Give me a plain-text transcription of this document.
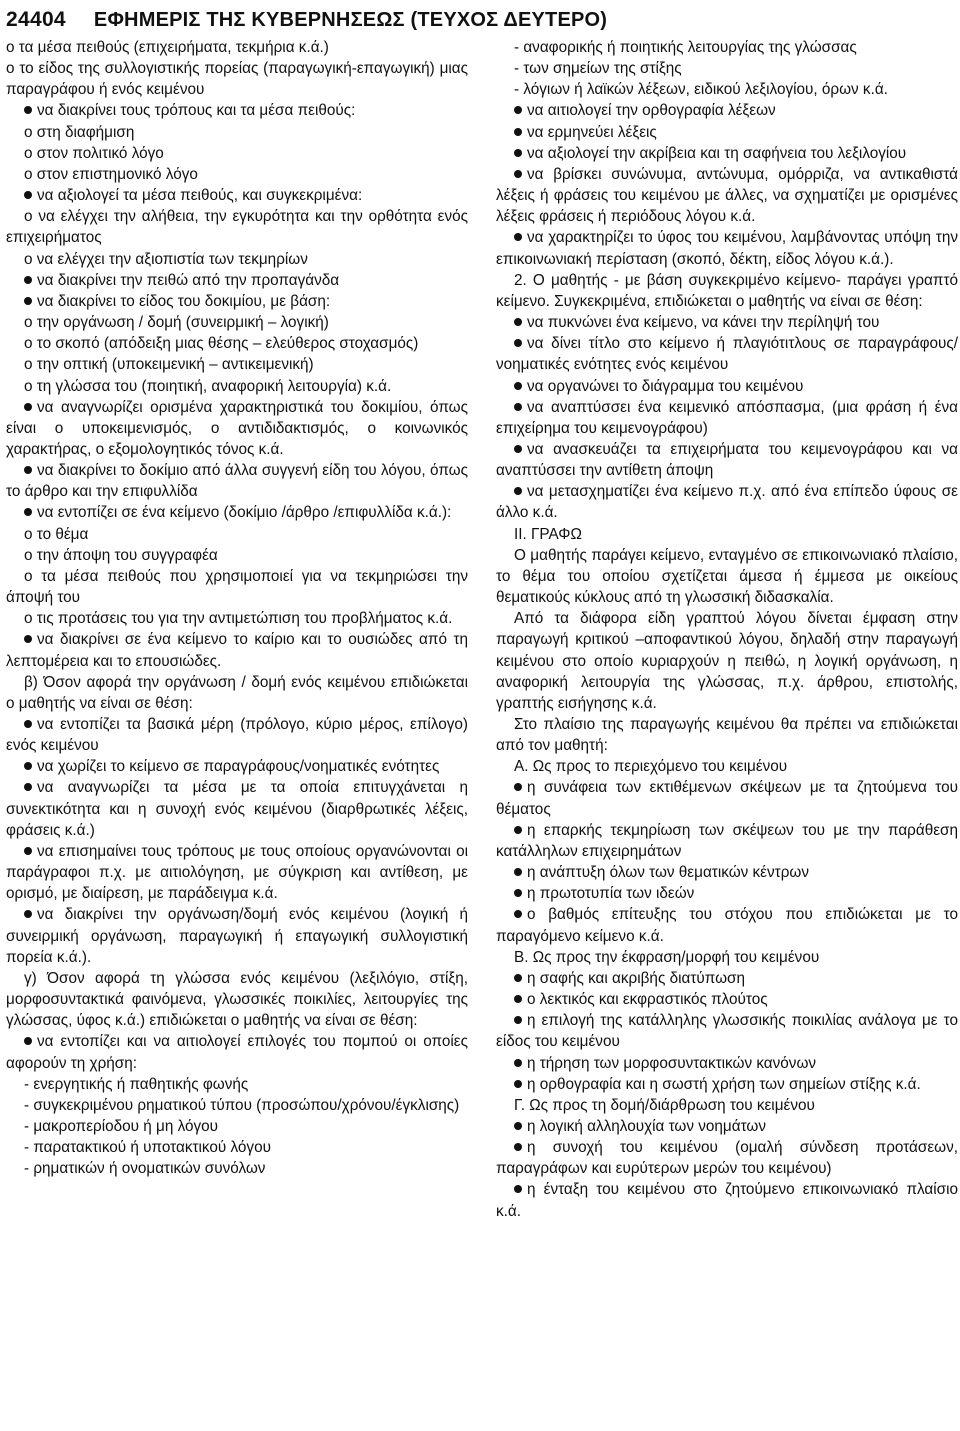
24404 ΕΦΗΜΕΡΙΣ ΤΗΣ ΚΥΒΕΡΝΗΣΕΩΣ (ΤΕΥΧΟΣ ΔΕΥΤΕΡΟ)

ο τα μέσα πειθούς (επιχειρήματα, τεκμήρια κ.ά.)

ο το είδος της συλλογιστικής πορείας (παραγωγική-επαγωγική) μιας παραγράφου ή ενός κειμένου

να διακρίνει τους τρόπους και τα μέσα πειθούς:

ο στη διαφήμιση

ο στον πολιτικό λόγο

ο στον επιστημονικό λόγο

να αξιολογεί τα μέσα πειθούς, και συγκεκριμένα:

ο να ελέγχει την αλήθεια, την εγκυρότητα και την ορθότητα ενός επιχειρήματος

ο να ελέγχει την αξιοπιστία των τεκμηρίων

να διακρίνει την πειθώ από την προπαγάνδα

να διακρίνει το είδος του δοκιμίου, με βάση:

ο την οργάνωση / δομή (συνειρμική – λογική)

ο το σκοπό (απόδειξη μιας θέσης – ελεύθερος στοχασμός)

ο την οπτική (υποκειμενική – αντικειμενική)

ο τη γλώσσα του (ποιητική, αναφορική λειτουργία) κ.ά.

να αναγνωρίζει ορισμένα χαρακτηριστικά του δοκιμίου, όπως είναι ο υποκειμενισμός, ο αντιδιδακτισμός, ο κοινωνικός χαρακτήρας, ο εξομολογητικός τόνος κ.ά.

να διακρίνει το δοκίμιο από άλλα συγγενή είδη του λόγου, όπως το άρθρο και την επιφυλλίδα

να εντοπίζει σε ένα κείμενο (δοκίμιο /άρθρο /επιφυλλίδα κ.ά.):

ο το θέμα

ο την άποψη του συγγραφέα

ο τα μέσα πειθούς που χρησιμοποιεί για να τεκμηριώσει την άποψή του

ο τις προτάσεις του για την αντιμετώπιση του προβλήματος κ.ά.

να διακρίνει σε ένα κείμενο το καίριο και το ουσιώδες από τη λεπτομέρεια και το επουσιώδες.

β) Όσον αφορά την οργάνωση / δομή ενός κειμένου επιδιώκεται ο μαθητής να είναι σε θέση:

να εντοπίζει τα βασικά μέρη (πρόλογο, κύριο μέρος, επίλογο) ενός κειμένου

να χωρίζει το κείμενο σε παραγράφους/νοηματικές ενότητες

να αναγνωρίζει τα μέσα με τα οποία επιτυγχάνεται η συνεκτικότητα και η συνοχή ενός κειμένου (διαρθρωτικές λέξεις, φράσεις κ.ά.)

να επισημαίνει τους τρόπους με τους οποίους οργανώνονται οι παράγραφοι π.χ. με αιτιολόγηση, με σύγκριση και αντίθεση, με ορισμό, με διαίρεση, με παράδειγμα κ.ά.

να διακρίνει την οργάνωση/δομή ενός κειμένου (λογική ή συνειρμική οργάνωση, παραγωγική ή επαγωγική συλλογιστική πορεία κ.ά.).

γ) Όσον αφορά τη γλώσσα ενός κειμένου (λεξιλόγιο, στίξη, μορφοσυντακτικά φαινόμενα, γλωσσικές ποικιλίες, λειτουργίες της γλώσσας, ύφος κ.ά.) επιδιώκεται ο μαθητής να είναι σε θέση:

να εντοπίζει και να αιτιολογεί επιλογές του πομπού οι οποίες αφορούν τη χρήση:

- ενεργητικής ή παθητικής φωνής

- συγκεκριμένου ρηματικού τύπου (προσώπου/χρόνου/έγκλισης)

- μακροπερίοδου ή μη λόγου

- παρατακτικού ή υποτακτικού λόγου

- ρηματικών ή ονοματικών συνόλων

- αναφορικής ή ποιητικής λειτουργίας της γλώσσας

- των σημείων της στίξης

- λόγιων ή λαϊκών λέξεων, ειδικού λεξιλογίου, όρων κ.ά.

να αιτιολογεί την ορθογραφία λέξεων

να ερμηνεύει λέξεις

να αξιολογεί την ακρίβεια και τη σαφήνεια του λεξιλογίου

να βρίσκει συνώνυμα, αντώνυμα, ομόρριζα, να αντικαθιστά λέξεις ή φράσεις του κειμένου με άλλες, να σχηματίζει με ορισμένες λέξεις φράσεις ή περιόδους λόγου κ.ά.

να χαρακτηρίζει το ύφος του κειμένου, λαμβάνοντας υπόψη την επικοινωνιακή περίσταση (σκοπό, δέκτη, είδος λόγου κ.ά.).

2. Ο μαθητής - με βάση συγκεκριμένο κείμενο- παράγει γραπτό κείμενο. Συγκεκριμένα, επιδιώκεται ο μαθητής να είναι σε θέση:

να πυκνώνει ένα κείμενο, να κάνει την περίληψή του

να δίνει τίτλο στο κείμενο ή πλαγιότιτλους σε παραγράφους/νοηματικές ενότητες ενός κειμένου

να οργανώνει το διάγραμμα του κειμένου

να αναπτύσσει ένα κειμενικό απόσπασμα, (μια φράση ή ένα επιχείρημα του κειμενογράφου)

να ανασκευάζει τα επιχειρήματα του κειμενογράφου και να αναπτύσσει την αντίθετη άποψη

να μετασχηματίζει ένα κείμενο π.χ. από ένα επίπεδο ύφους σε άλλο κ.ά.

ΙΙ. ΓΡΑΦΩ

Ο μαθητής παράγει κείμενο, ενταγμένο σε επικοινωνιακό πλαίσιο, το θέμα του οποίου σχετίζεται άμεσα ή έμμεσα με οικείους θεματικούς κύκλους από τη γλωσσική διδασκαλία.

Από τα διάφορα είδη γραπτού λόγου δίνεται έμφαση στην παραγωγή κριτικού –αποφαντικού λόγου, δηλαδή στην παραγωγή κειμένου στο οποίο κυριαρχούν η πειθώ, η λογική οργάνωση, η αναφορική λειτουργία της γλώσσας, π.χ. άρθρου, επιστολής, γραπτής εισήγησης κ.ά.

Στο πλαίσιο της παραγωγής κειμένου θα πρέπει να επιδιώκεται από τον μαθητή:

Α. Ως προς το περιεχόμενο του κειμένου

η συνάφεια των εκτιθέμενων σκέψεων με τα ζητούμενα του θέματος

η επαρκής τεκμηρίωση των σκέψεων του με την παράθεση κατάλληλων επιχειρημάτων

η ανάπτυξη όλων των θεματικών κέντρων

η πρωτοτυπία των ιδεών

ο βαθμός επίτευξης του στόχου που επιδιώκεται με το παραγόμενο κείμενο κ.ά.

Β. Ως προς την έκφραση/μορφή του κειμένου

η σαφής και ακριβής διατύπωση

ο λεκτικός και εκφραστικός πλούτος

η επιλογή της κατάλληλης γλωσσικής ποικιλίας ανάλογα με το είδος του κειμένου

η τήρηση των μορφοσυντακτικών κανόνων

η ορθογραφία και η σωστή χρήση των σημείων στίξης κ.ά.

Γ. Ως προς τη δομή/διάρθρωση του κειμένου

η λογική αλληλουχία των νοημάτων

η συνοχή του κειμένου (ομαλή σύνδεση προτάσεων, παραγράφων και ευρύτερων μερών του κειμένου)

η ένταξη του κειμένου στο ζητούμενο επικοινωνιακό πλαίσιο κ.ά.
